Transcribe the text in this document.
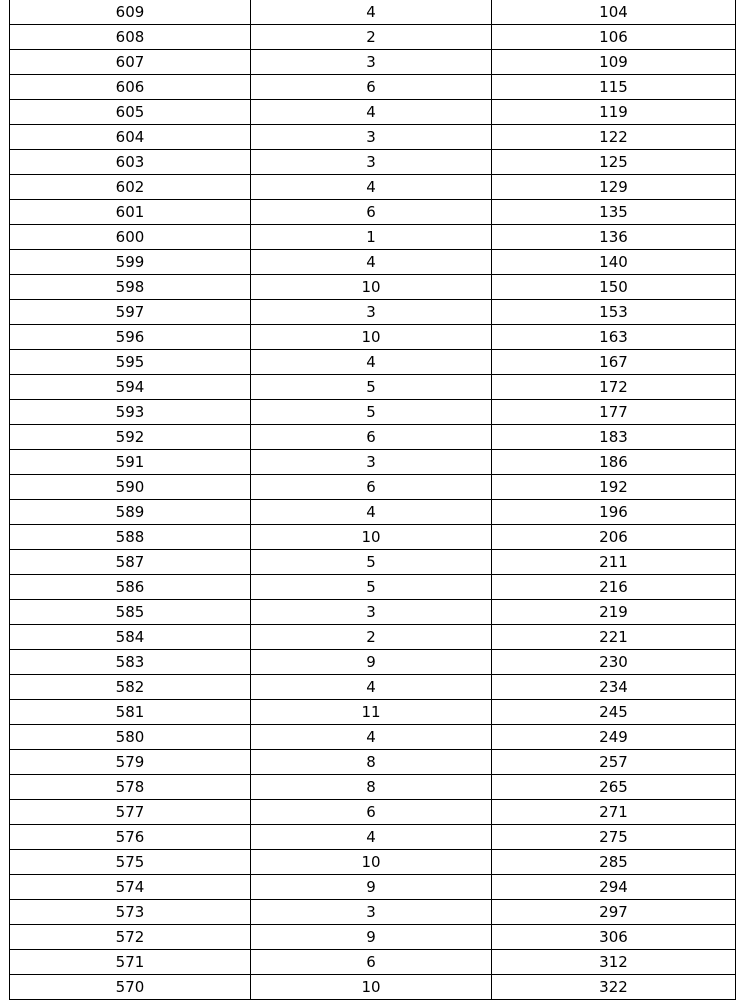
609	4	104
608	2	106
607	3	109
606	6	115
605	4	119
604	3	122
603	3	125
602	4	129
601	6	135
600	1	136
599	4	140
598	10	150
597	3	153
596	10	163
595	4	167
594	5	172
593	5	177
592	6	183
591	3	186
590	6	192
589	4	196
588	10	206
587	5	211
586	5	216
585	3	219
584	2	221
583	9	230
582	4	234
581	11	245
580	4	249
579	8	257
578	8	265
577	6	271
576	4	275
575	10	285
574	9	294
573	3	297
572	9	306
571	6	312
570	10	322
